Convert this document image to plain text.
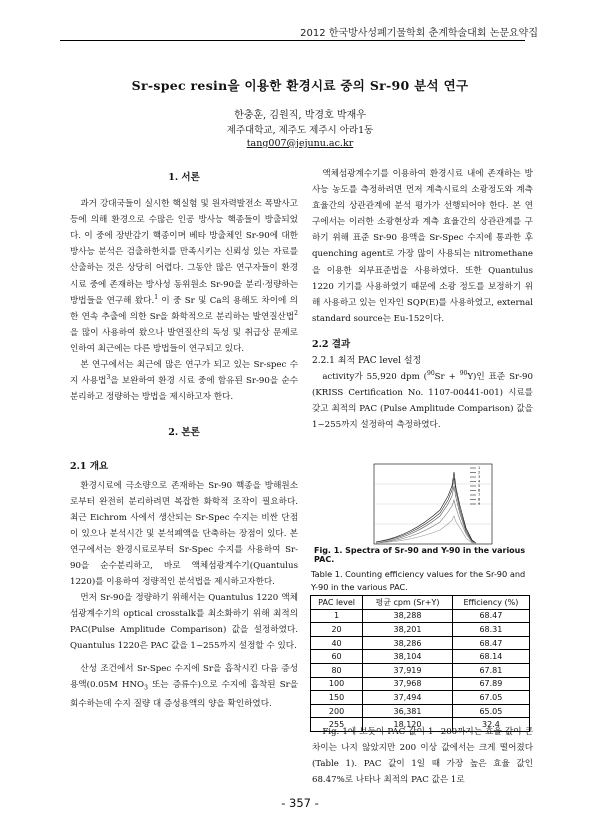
2012 한국방사성폐기물학회 춘계학술대회 논문요약집
Sr-spec resin을 이용한 환경시료 중의 Sr-90 분석 연구
한충훈, 김원직, 박경호 박재우
제주대학교, 제주도 제주시 아라1동
tang007@jejunu.ac.kr
1. 서론

과거 강대국들이 실시한 핵실험 및 원자력발전소 폭발사고 등에 의해 환경으로 수많은 인공 방사능 핵종들이 방출되었다. 이 중에 장반감기 핵종이며 베타 방출체인 Sr-90에 대한 방사능 분석은 검출하한치를 만족시키는 신뢰성 있는 자료를 산출하는 것은 상당히 어렵다. 그동안 많은 연구자들이 환경 시료 중에 존재하는 방사성 동위원소 Sr-90을 분리·정량하는 방법들을 연구해 왔다.$^1$ 이 중 Sr 및 Ca의 용해도 차이에 의한 연속 추출에 의한 Sr을 화학적으로 분리하는 발연질산법$^2$을 많이 사용하여 왔으나 발연질산의 독성 및 취급상 문제로 인하여 최근에는 다른 방법들이 연구되고 있다.

본 연구에서는 최근에 많은 연구가 되고 있는 Sr-spec 수지 사용법$^3$을 보완하여 환경 시료 중에 함유된 Sr-90을 순수 분리하고 정량하는 방법을 제시하고자 한다.

2. 본론
2.1 개요

환경시료에 극소량으로 존재하는 Sr-90 핵종을 방해원소로부터 완전히 분리하려면 복잡한 화학적 조작이 필요하다. 최근 Eichrom 사에서 생산되는 Sr-Spec 수지는 비싼 단점이 있으나 분석시간 및 분석폐액을 단축하는 장점이 있다. 본 연구에서는 환경시료로부터 Sr-Spec 수지를 사용하여 Sr-90을 순수분리하고, 바로 액체섬광계수기(Quantulus 1220)를 이용하여 정량적인 분석법을 제시하고자한다.

먼저 Sr-90을 정량하기 위해서는 Quantulus 1220 액체섬광계수기의 optical crosstalk를 최소화하기 위해 최적의 PAC(Pulse Amplitude Comparison) 값을 설정하였다. Quantulus 1220은 PAC 값을 1~255까지 설정할 수 있다.

산성 조건에서 Sr-Spec 수지에 Sr을 흡착시킨 다음 증성용액(0.05M $HNO_3$ 또는 증류수)으로 수지에 흡착된 Sr을 회수하는데 수지 질량 대 증성용액의 양을 확인하였다.

액체섬광계수기를 이용하여 환경시료 내에 존재하는 방사능 농도를 측정하려면 먼저 계측시료의 소광정도와 계측효율간의 상관관계에 분석 평가가 선행되어야 한다. 본 연구에서는 이러한 소광현상과 계측 효율간의 상관관계를 구하기 위해 표준 Sr-90 용액을 Sr-Spec 수지에 통과한 후 quenching agent로 가장 많이 사용되는 nitromethane을 이용한 외부표준법을 사용하였다. 또한 Quantulus 1220 기기를 사용하였기 때문에 소광 정도를 보정하기 위해 사용하고 있는 인자인 SQP(E)를 사용하였고, external standard source는 Eu-152이다.

2.2 결과
2.2.1 최적 PAC level 설정

activity가 55,920 dpm ($^{90}$Sr + $^{90}$Y)인 표준 Sr-90 (KRISS Certification No. 1107-00441-001) 시료를 갖고 최적의 PAC (Pulse Amplitude Comparison) 값을 1~255까지 설정하여 측정하였다.

1
2
3
4
5
6
7
8
9
Fig. 1. Spectra of Sr-90 and Y-90 in the various PAC.
Table 1. Counting efficiency values for the Sr-90 and Y-90 in the various PAC.
PAC level	평균 cpm (Sr+Y)	Efficiency (%)
1	38,288	68.47
20	38,201	68.31
40	38,286	68.47
60	38,104	68.14
80	37,919	67.81
100	37,968	67.89
150	37,494	67.05
200	36,381	65.05
255	18,120	32.4

Fig. 1에 보듯이 PAC 값이 1~200까지는 효율 값이 큰 차이는 나지 않았지만 200 이상 값에서는 크게 떨어졌다(Table 1). PAC 값이 1일 때 가장 높은 효율 값인 68.47%로 나타나 최적의 PAC 값은 1로

- 357 -
